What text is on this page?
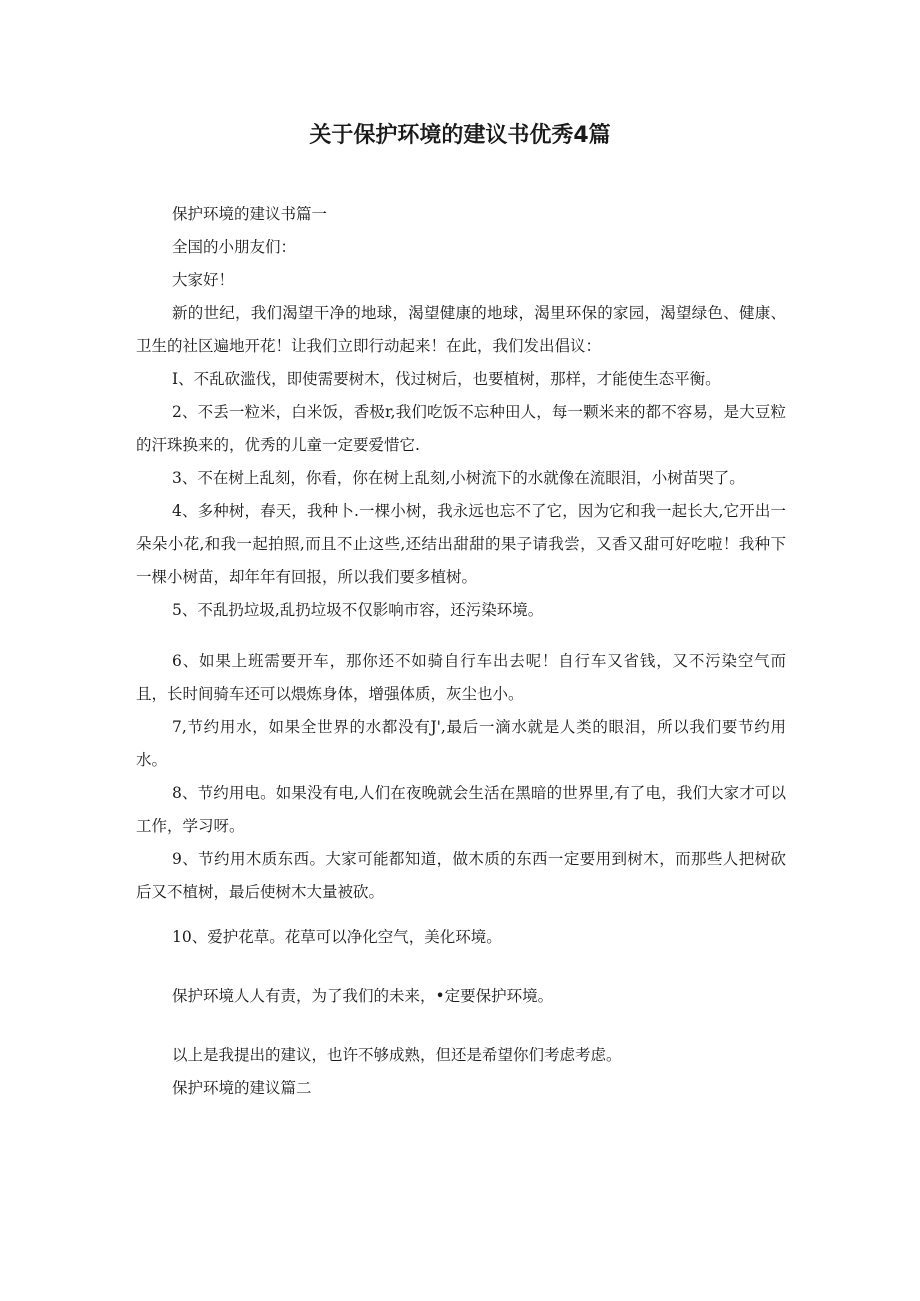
关于保护环境的建议书优秀4篇

保护环境的建议书篇一

全国的小朋友们：

大家好！

新的世纪，我们渴望干净的地球，渴望健康的地球，渴里环保的家园，渴望绿色、健康、卫生的社区遍地开花！让我们立即行动起来！在此，我们发出倡议：

I、不乱砍滥伐，即使需要树木，伐过树后，也要植树，那样，才能使生态平衡。

2、不丢一粒米，白米饭，香极r,我们吃饭不忘种田人，每一颗米来的都不容易，是大豆粒的汗珠换来的，优秀的儿童一定要爱惜它.

3、不在树上乱刻，你看，你在树上乱刻,小树流下的水就像在流眼泪，小树苗哭了。

4、多种树，春天，我种卜.一棵小树，我永远也忘不了它，因为它和我一起长大,它开出一朵朵小花,和我一起拍照,而且不止这些,还结出甜甜的果子请我尝，又香又甜可好吃啦！我种下一棵小树苗，却年年有回报，所以我们要多植树。

5、不乱扔垃圾,乱扔垃圾不仅影响市容，还污染环境。

6、如果上班需要开车，那你还不如骑自行车出去呢！自行车又省钱，又不污染空气而且，长时间骑车还可以煨炼身体，增强体质，灰尘也小。

7,节约用水，如果全世界的水都没有J',最后一滴水就是人类的眼泪，所以我们要节约用水。

8、节约用电。如果没有电,人们在夜晚就会生活在黑暗的世界里,有了电，我们大家才可以工作，学习呀。

9、节约用木质东西。大家可能都知道，做木质的东西一定要用到树木，而那些人把树砍后又不植树，最后使树木大量被砍。

10、爱护花草。花草可以净化空气，美化环境。

保护环境人人有责，为了我们的未来，•定要保护环境。

以上是我提出的建议，也许不够成熟，但还是希望你们考虑考虑。

保护环境的建议篇二
